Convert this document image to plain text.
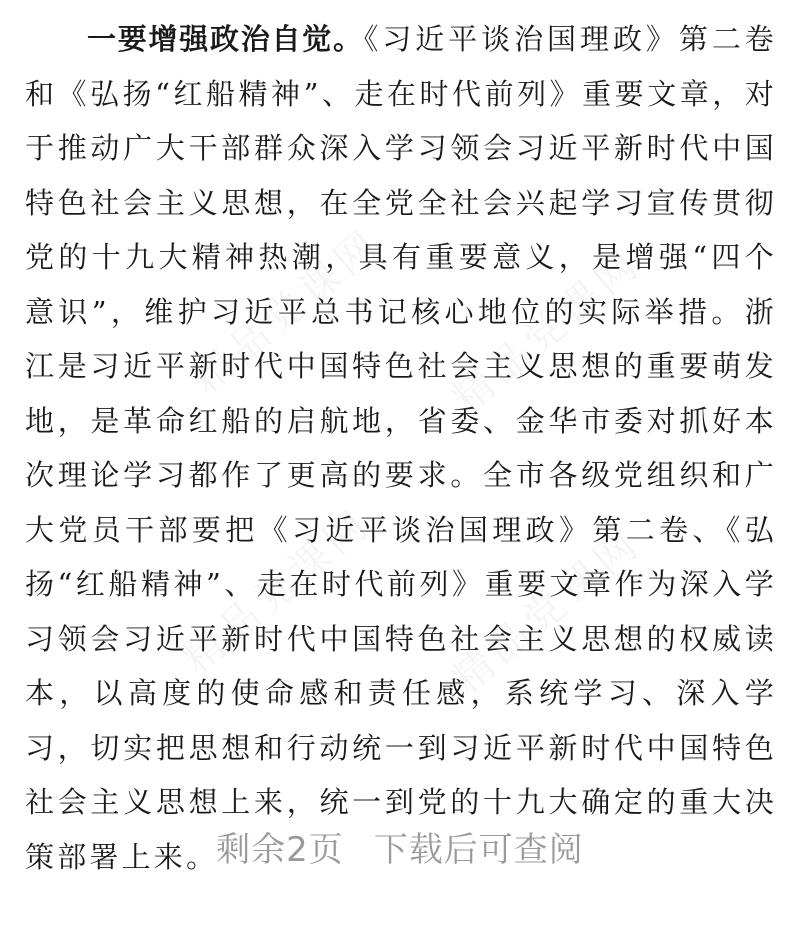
精品党课网 精品党课网
精品党课网 精品党课网

一要增强政治自觉。《习近平谈治国理政》第二卷和《弘扬“红船精神”、走在时代前列》重要文章，对于推动广大干部群众深入学习领会习近平新时代中国特色社会主义思想，在全党全社会兴起学习宣传贯彻党的十九大精神热潮，具有重要意义，是增强“四个意识”，维护习近平总书记核心地位的实际举措。浙江是习近平新时代中国特色社会主义思想的重要萌发地，是革命红船的启航地，省委、金华市委对抓好本次理论学习都作了更高的要求。全市各级党组织和广大党员干部要把《习近平谈治国理政》第二卷、《弘扬“红船精神”、走在时代前列》重要文章作为深入学习领会习近平新时代中国特色社会主义思想的权威读本，以高度的使命感和责任感，系统学习、深入学习，切实把思想和行动统一到习近平新时代中国特色社会主义思想上来，统一到党的十九大确定的重大决策部署上来。

剩余2页 下载后可查阅
